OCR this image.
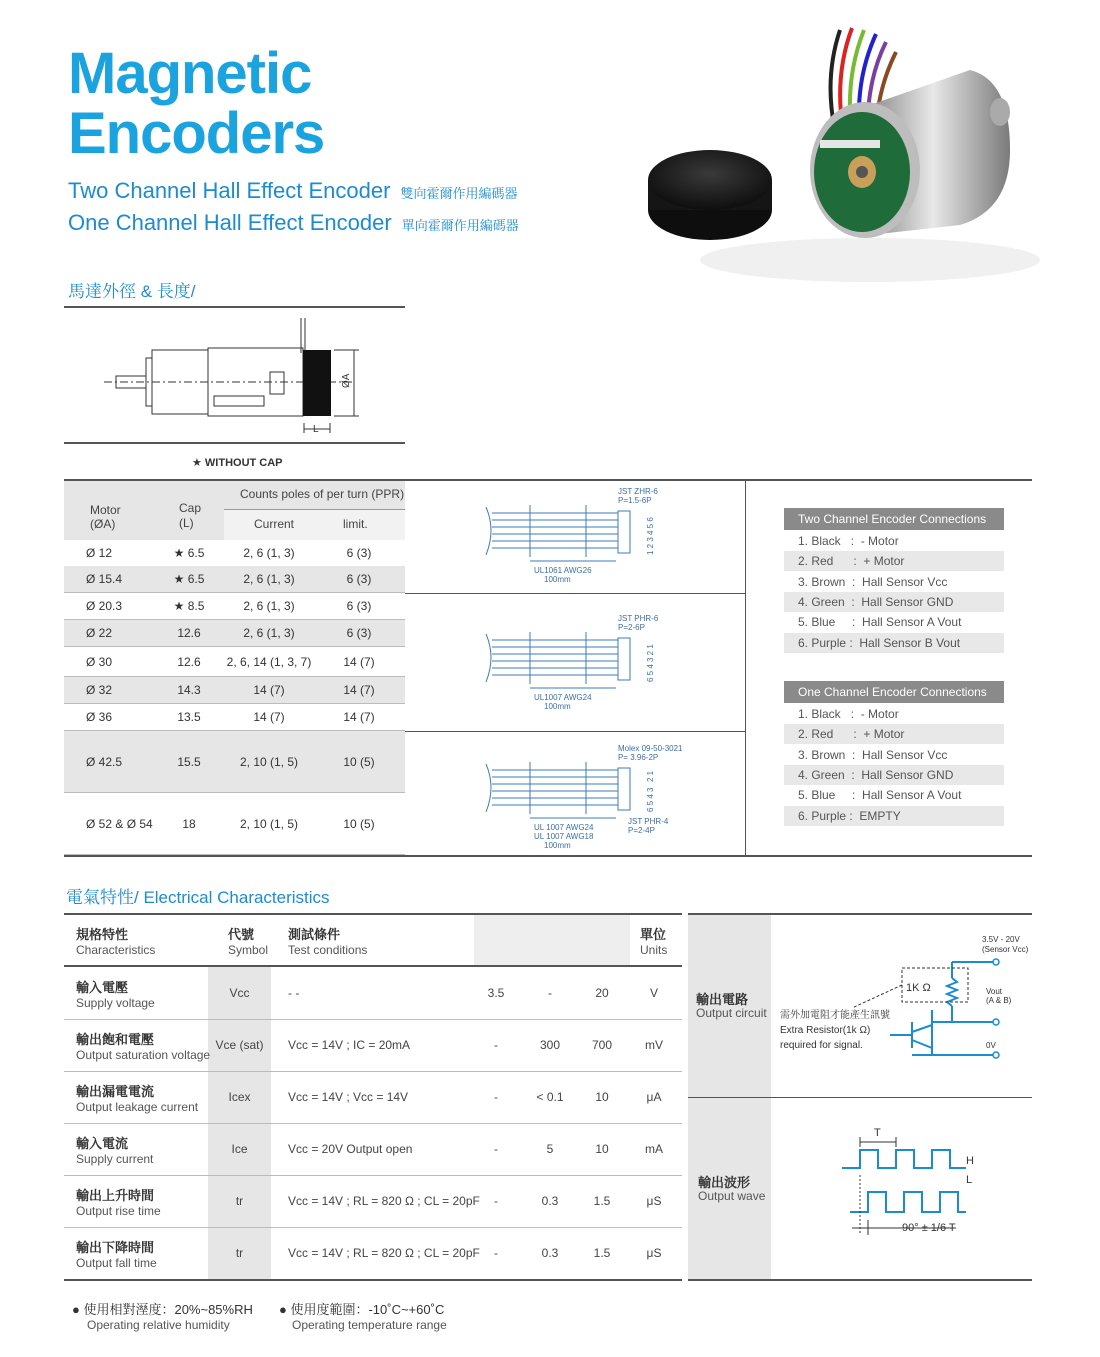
Magnetic
Encoders
Two Channel Hall Effect Encoder 雙向霍爾作用編碼器
One Channel Hall Effect Encoder 單向霍爾作用編碼器
馬達外徑 & 長度/
ØA
L
★ WITHOUT CAP
Motor
(ØA)
Cap
(L)
Counts poles of per turn (PPR)
Current	limit.
Ø 12	★ 6.5	2, 6 (1, 3)	6 (3)
Ø 15.4	★ 6.5	2, 6 (1, 3)	6 (3)
Ø 20.3	★ 8.5	2, 6 (1, 3)	6 (3)
Ø 22	12.6	2, 6 (1, 3)	6 (3)
Ø 30	12.6	2, 6, 14 (1, 3, 7)	14 (7)
Ø 32	14.3	14 (7)	14 (7)
Ø 36	13.5	14 (7)	14 (7)
Ø 42.5	15.5	2, 10 (1, 5)	10 (5)
Ø 52 & Ø 54	18	2, 10 (1, 5)	10 (5)
JST ZHR-6
P=1.5-6P
1 2 3 4 5 6
UL1061 AWG26
100mm
JST PHR-6
P=2-6P
6 5 4 3 2 1
UL1007 AWG24
100mm
Molex 09-50-3021
P= 3.96-2P
6 5 4 3
UL 1007 AWG24
100mm
UL 1007 AWG18
JST PHR-4
P=2-4P
2 1
Two Channel Encoder Connections
1. Black   :  - Motor
2. Red      :  + Motor
3. Brown  :  Hall Sensor Vcc
4. Green  :  Hall Sensor GND
5. Blue     :  Hall Sensor A Vout
6. Purple :  Hall Sensor B Vout
One Channel Encoder Connections
1. Black   :  - Motor
2. Red      :  + Motor
3. Brown  :  Hall Sensor Vcc
4. Green  :  Hall Sensor GND
5. Blue     :  Hall Sensor A Vout
6. Purple :  EMPTY
電氣特性/ Electrical Characteristics
規格特性
Characteristics
代號
Symbol
測試條件
Test conditions
單位
Units
輸入電壓
Supply voltage
Vcc	- -	3.5	-	20	V
輸出飽和電壓
Output saturation voltage
Vce (sat)	Vcc = 14V ; IC = 20mA	-	300	700	mV
輸出漏電電流
Output leakage current
Icex	Vcc = 14V ; Vcc = 14V	-	< 0.1	10	μA
輸入電流
Supply current
Ice	Vcc = 20V Output open	-	5	10	mA
輸出上升時間
Output rise time
tr	Vcc = 14V ; RL = 820 Ω ; CL = 20pF	-	0.3	1.5	μS
輸出下降時間
Output fall time
tr	Vcc = 14V ; RL = 820 Ω ; CL = 20pF	-	0.3	1.5	μS
輸出電路
Output circuit
輸出波形
Output wave
3.5V - 20V
(Sensor Vcc)
1K Ω	Vout
(A & B)
0V
需外加電阻才能產生訊號
Extra Resistor(1k Ω)
required for signal.
T
H
L
90° ± 1/6 T
● 使用相對溼度：20%~85%RH
Operating relative humidity
● 使用度範圍：-10˚C~+60˚C
Operating temperature range
